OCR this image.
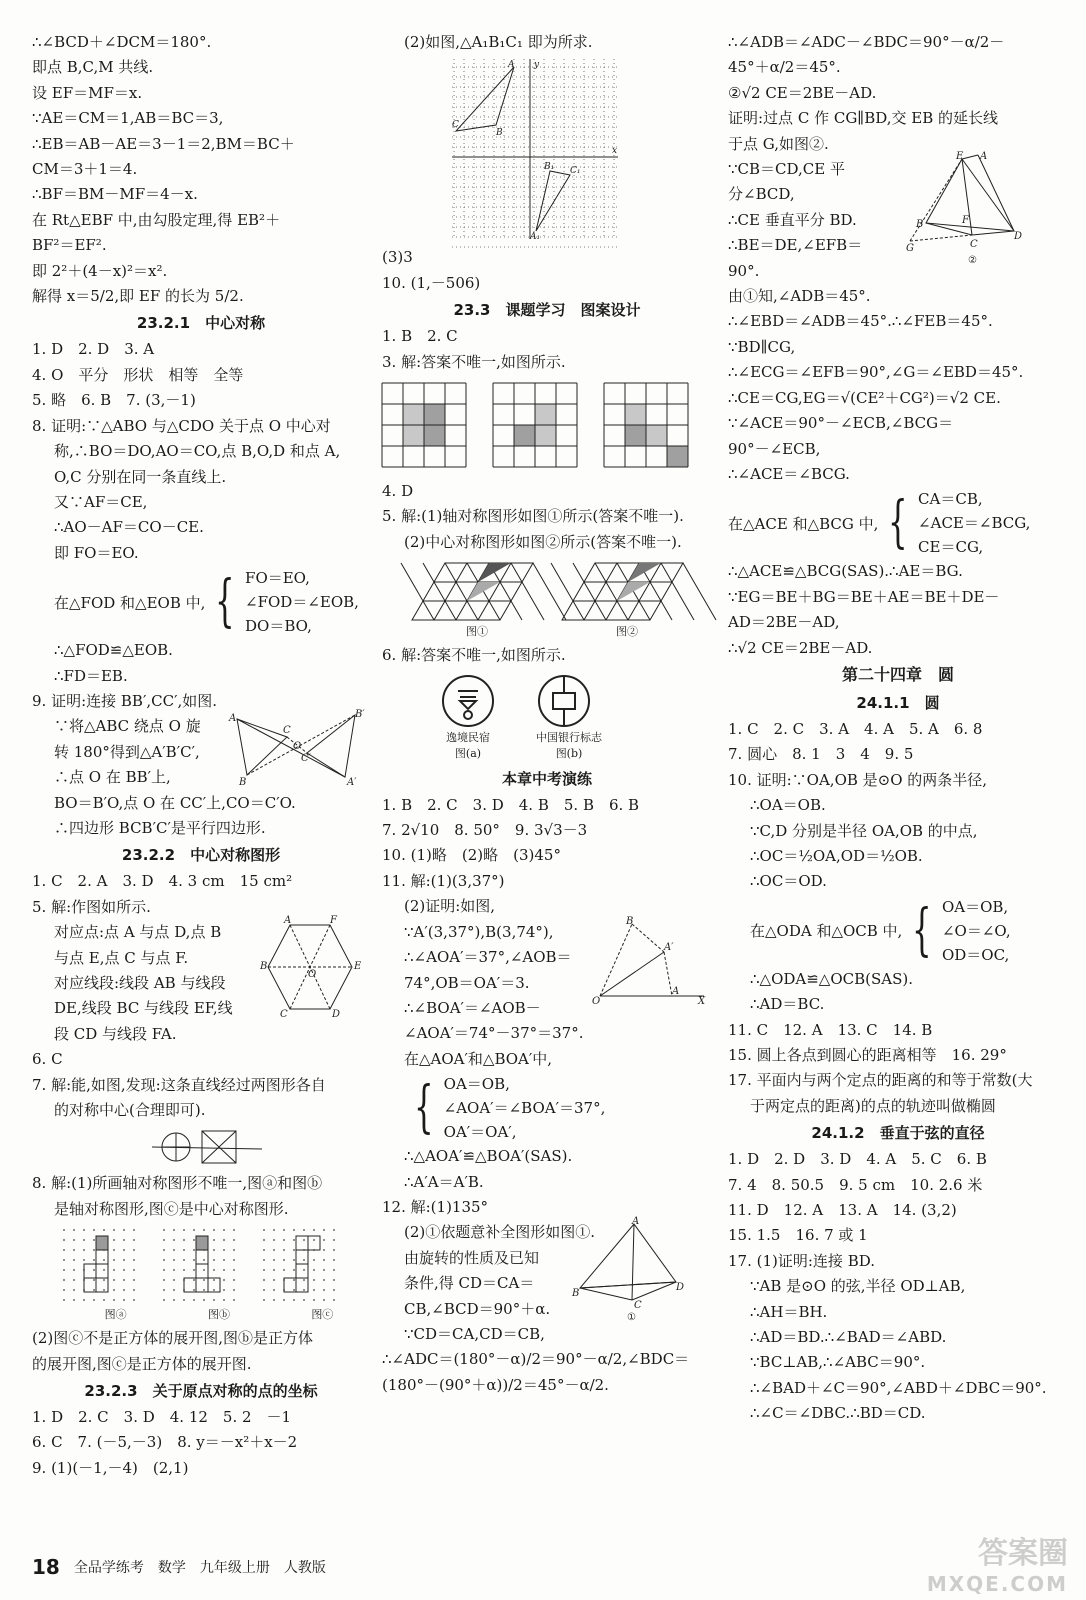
∴∠BCD＋∠DCM＝180°.
即点 B,C,M 共线.
设 EF＝MF＝x.
∵AE＝CM＝1,AB＝BC＝3,
∴EB＝AB－AE＝3－1＝2,BM＝BC＋
CM＝3＋1＝4.
∴BF＝BM－MF＝4－x.
在 Rt△EBF 中,由勾股定理,得 EB²＋
BF²＝EF².
即 2²＋(4－x)²＝x².
解得 x＝5/2,即 EF 的长为 5/2.
23.2.1　中心对称
1. D　2. D　3. A
4. O　平分　形状　相等　全等
5. 略　6. B　7. (3,－1)
8. 证明:∵△ABO 与△CDO 关于点 O 中心对
称,∴BO＝DO,AO＝CO,点 B,O,D 和点 A,
O,C 分别在同一条直线上.
又∵AF＝CE,
∴AO－AF＝CO－CE.
即 FO＝EO.
在△FOD 和△EOB 中, { FO＝EO,
∠FOD＝∠EOB,
DO＝BO,
∴△FOD≌△EOB.
∴FD＝EB.
9. 证明:连接 BB′,CC′,如图.
∵将△ABC 绕点 O 旋
转 180°得到△A′B′C′,
∴点 O 在 BB′上,
BO＝B′O,点 O 在 CC′上,CO＝C′O.
∴四边形 BCB′C′是平行四边形.
A
C
B
B′
C′
A′
O
23.2.2　中心对称图形
1. C　2. A　3. D　4. 3 cm　15 cm²
5. 解:作图如所示.
对应点:点 A 与点 D,点 B
与点 E,点 C 与点 F.
对应线段:线段 AB 与线段
DE,线段 BC 与线段 EF,线
段 CD 与线段 FA.
A	F
B	E
C	D
O
6. C
7. 解:能,如图,发现:这条直线经过两图形各自
的对称中心(合理即可).
8. 解:(1)所画轴对称图形不唯一,图ⓐ和图ⓑ
是轴对称图形,图ⓒ是中心对称图形.
图ⓐ	图ⓑ	图ⓒ
(2)图ⓒ不是正方体的展开图,图ⓑ是正方体
的展开图,图ⓒ是正方体的展开图.
23.2.3　关于原点对称的点的坐标
1. D　2. C　3. D　4. 12　5. 2　－1
6. C　7. (－5,－3)　8. y＝－x²＋x－2
9. (1)(－1,－4)　(2,1)
(2)如图,△A₁B₁C₁ 即为所求.
A
B
C
B₁ C₁
A₁
y
x
(3)3
10. (1,－506)
23.3　课题学习　图案设计
1. B　2. C
3. 解:答案不唯一,如图所示.
4. D
5. 解:(1)轴对称图形如图①所示(答案不唯一).
(2)中心对称图形如图②所示(答案不唯一).
图①	图②
6. 解:答案不唯一,如图所示.
逸境民宿
图(a)
中国银行标志
图(b)
本章中考演练
1. B　2. C　3. D　4. B　5. B　6. B
7. 2√10　8. 50°　9. 3√3－3
10. (1)略　(2)略　(3)45°
11. 解:(1)(3,37°)
(2)证明:如图,
∵A′(3,37°),B(3,74°),
∴∠AOA′＝37°,∠AOB＝
74°,OB＝OA′＝3.
∴∠BOA′＝∠AOB－
∠AOA′＝74°－37°＝37°.
B
A′
O
A
X
在△AOA′和△BOA′中,
{ OA＝OB,
∠AOA′＝∠BOA′＝37°,
OA′＝OA′,
∴△AOA′≌△BOA′(SAS).
∴A′A＝A′B.
12. 解:(1)135°
(2)①依题意补全图形如图①.
由旋转的性质及已知
条件,得 CD＝CA＝
CB,∠BCD＝90°＋α.
∵CD＝CA,CD＝CB,
A
B
D
C
①
∴∠ADC＝(180°－α)/2＝90°－α/2,∠BDC＝
(180°－(90°＋α))/2＝45°－α/2.
∴∠ADB＝∠ADC－∠BDC＝90°－α/2－
45°＋α/2＝45°.
②√2 CE＝2BE－AD.
证明:过点 C 作 CG∥BD,交 EB 的延长线
于点 G,如图②.
∵CB＝CD,CE 平
分∠BCD,
∴CE 垂直平分 BD.
∴BE＝DE,∠EFB＝
90°.
E A
B
D
F
C
G
②
由①知,∠ADB＝45°.
∴∠EBD＝∠ADB＝45°.∴∠FEB＝45°.
∵BD∥CG,
∴∠ECG＝∠EFB＝90°,∠G＝∠EBD＝45°.
∴CE＝CG,EG＝√(CE²＋CG²)＝√2 CE.
∵∠ACE＝90°－∠ECB,∠BCG＝
90°－∠ECB,
∴∠ACE＝∠BCG.
在△ACE 和△BCG 中, { CA＝CB,
∠ACE＝∠BCG,
CE＝CG,
∴△ACE≌△BCG(SAS).∴AE＝BG.
∵EG＝BE＋BG＝BE＋AE＝BE＋DE－
AD＝2BE－AD,
∴√2 CE＝2BE－AD.
第二十四章　圆
24.1.1　圆
1. C　2. C　3. A　4. A　5. A　6. 8
7. 圆心　8. 1　3　4　9. 5
10. 证明:∵OA,OB 是⊙O 的两条半径,
∴OA＝OB.
∵C,D 分别是半径 OA,OB 的中点,
∴OC＝½OA,OD＝½OB.
∴OC＝OD.
在△ODA 和△OCB 中, { OA＝OB,
∠O＝∠O,
OD＝OC,
∴△ODA≌△OCB(SAS).
∴AD＝BC.
11. C　12. A　13. C　14. B
15. 圆上各点到圆心的距离相等　16. 29°
17. 平面内与两个定点的距离的和等于常数(大
于两定点的距离)的点的轨迹叫做椭圆
24.1.2　垂直于弦的直径
1. D　2. D　3. D　4. A　5. C　6. B
7. 4　8. 50.5　9. 5 cm　10. 2.6 米
11. D　12. A　13. A　14. (3,2)
15. 1.5　16. 7 或 1
17. (1)证明:连接 BD.
∵AB 是⊙O 的弦,半径 OD⊥AB,
∴AH＝BH.
∴AD＝BD.∴∠BAD＝∠ABD.
∵BC⊥AB,∴∠ABC＝90°.
∴∠BAD＋∠C＝90°,∠ABD＋∠DBC＝90°.
∴∠C＝∠DBC.∴BD＝CD.
18 全品学练考 数学 九年级上册 人教版	答案圈
MXQE.COM
